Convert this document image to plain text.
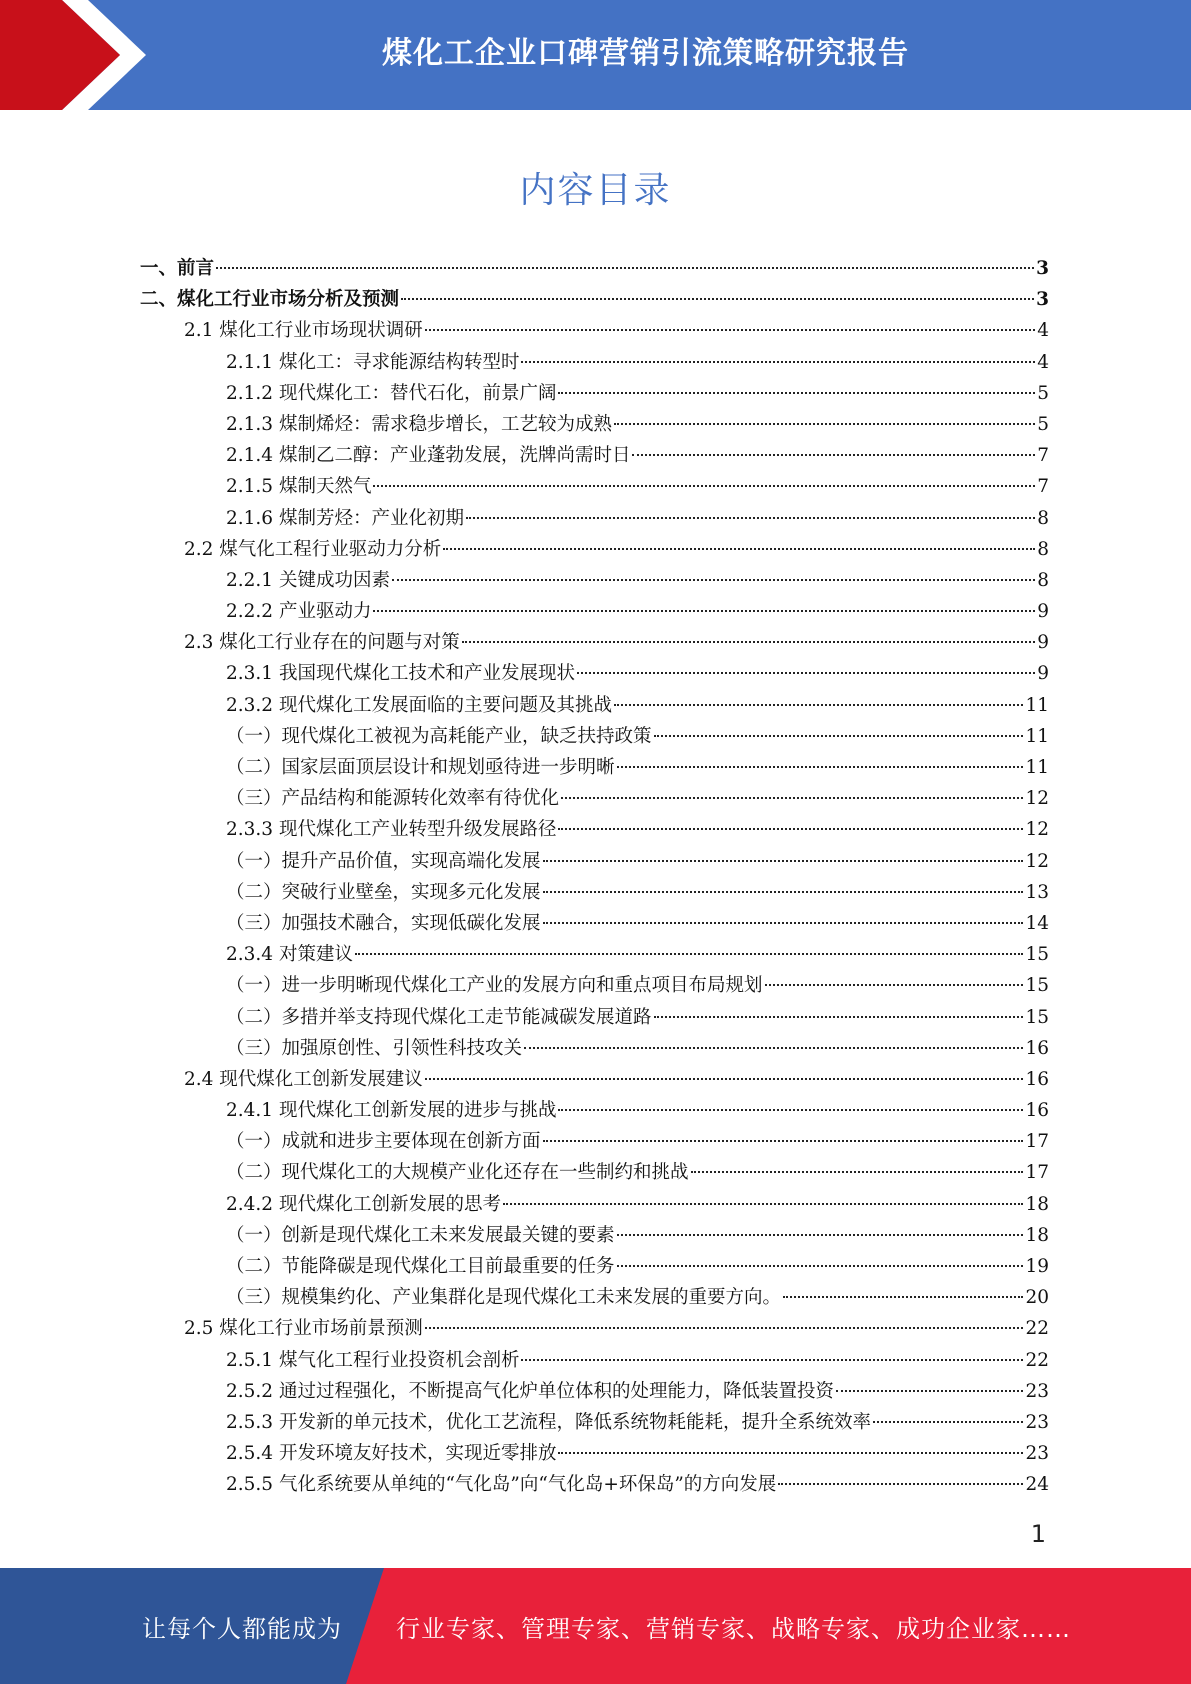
煤化工企业口碑营销引流策略研究报告
内容目录
一、前言	3
二、煤化工行业市场分析及预测	3
2.1 煤化工行业市场现状调研	4
2.1.1 煤化工：寻求能源结构转型时	4
2.1.2 现代煤化工：替代石化，前景广阔	5
2.1.3 煤制烯烃：需求稳步增长，工艺较为成熟	5
2.1.4 煤制乙二醇：产业蓬勃发展，洗牌尚需时日	7
2.1.5 煤制天然气	7
2.1.6 煤制芳烃：产业化初期	8
2.2 煤气化工程行业驱动力分析	8
2.2.1 关键成功因素	8
2.2.2 产业驱动力	9
2.3 煤化工行业存在的问题与对策	9
2.3.1 我国现代煤化工技术和产业发展现状	9
2.3.2 现代煤化工发展面临的主要问题及其挑战	11
（一）现代煤化工被视为高耗能产业，缺乏扶持政策	11
（二）国家层面顶层设计和规划亟待进一步明晰	11
（三）产品结构和能源转化效率有待优化	12
2.3.3 现代煤化工产业转型升级发展路径	12
（一）提升产品价值，实现高端化发展	12
（二）突破行业壁垒，实现多元化发展	13
（三）加强技术融合，实现低碳化发展	14
2.3.4 对策建议	15
（一）进一步明晰现代煤化工产业的发展方向和重点项目布局规划	15
（二）多措并举支持现代煤化工走节能减碳发展道路	15
（三）加强原创性、引领性科技攻关	16
2.4 现代煤化工创新发展建议	16
2.4.1 现代煤化工创新发展的进步与挑战	16
（一）成就和进步主要体现在创新方面	17
（二）现代煤化工的大规模产业化还存在一些制约和挑战	17
2.4.2 现代煤化工创新发展的思考	18
（一）创新是现代煤化工未来发展最关键的要素	18
（二）节能降碳是现代煤化工目前最重要的任务	19
（三）规模集约化、产业集群化是现代煤化工未来发展的重要方向。	20
2.5 煤化工行业市场前景预测	22
2.5.1 煤气化工程行业投资机会剖析	22
2.5.2 通过过程强化，不断提高气化炉单位体积的处理能力，降低装置投资	23
2.5.3 开发新的单元技术，优化工艺流程，降低系统物耗能耗，提升全系统效率	23
2.5.4 开发环境友好技术，实现近零排放	23
2.5.5 气化系统要从单纯的“气化岛”向“气化岛+环保岛”的方向发展	24
1
让每个人都能成为 行业专家、管理专家、营销专家、战略专家、成功企业家……
